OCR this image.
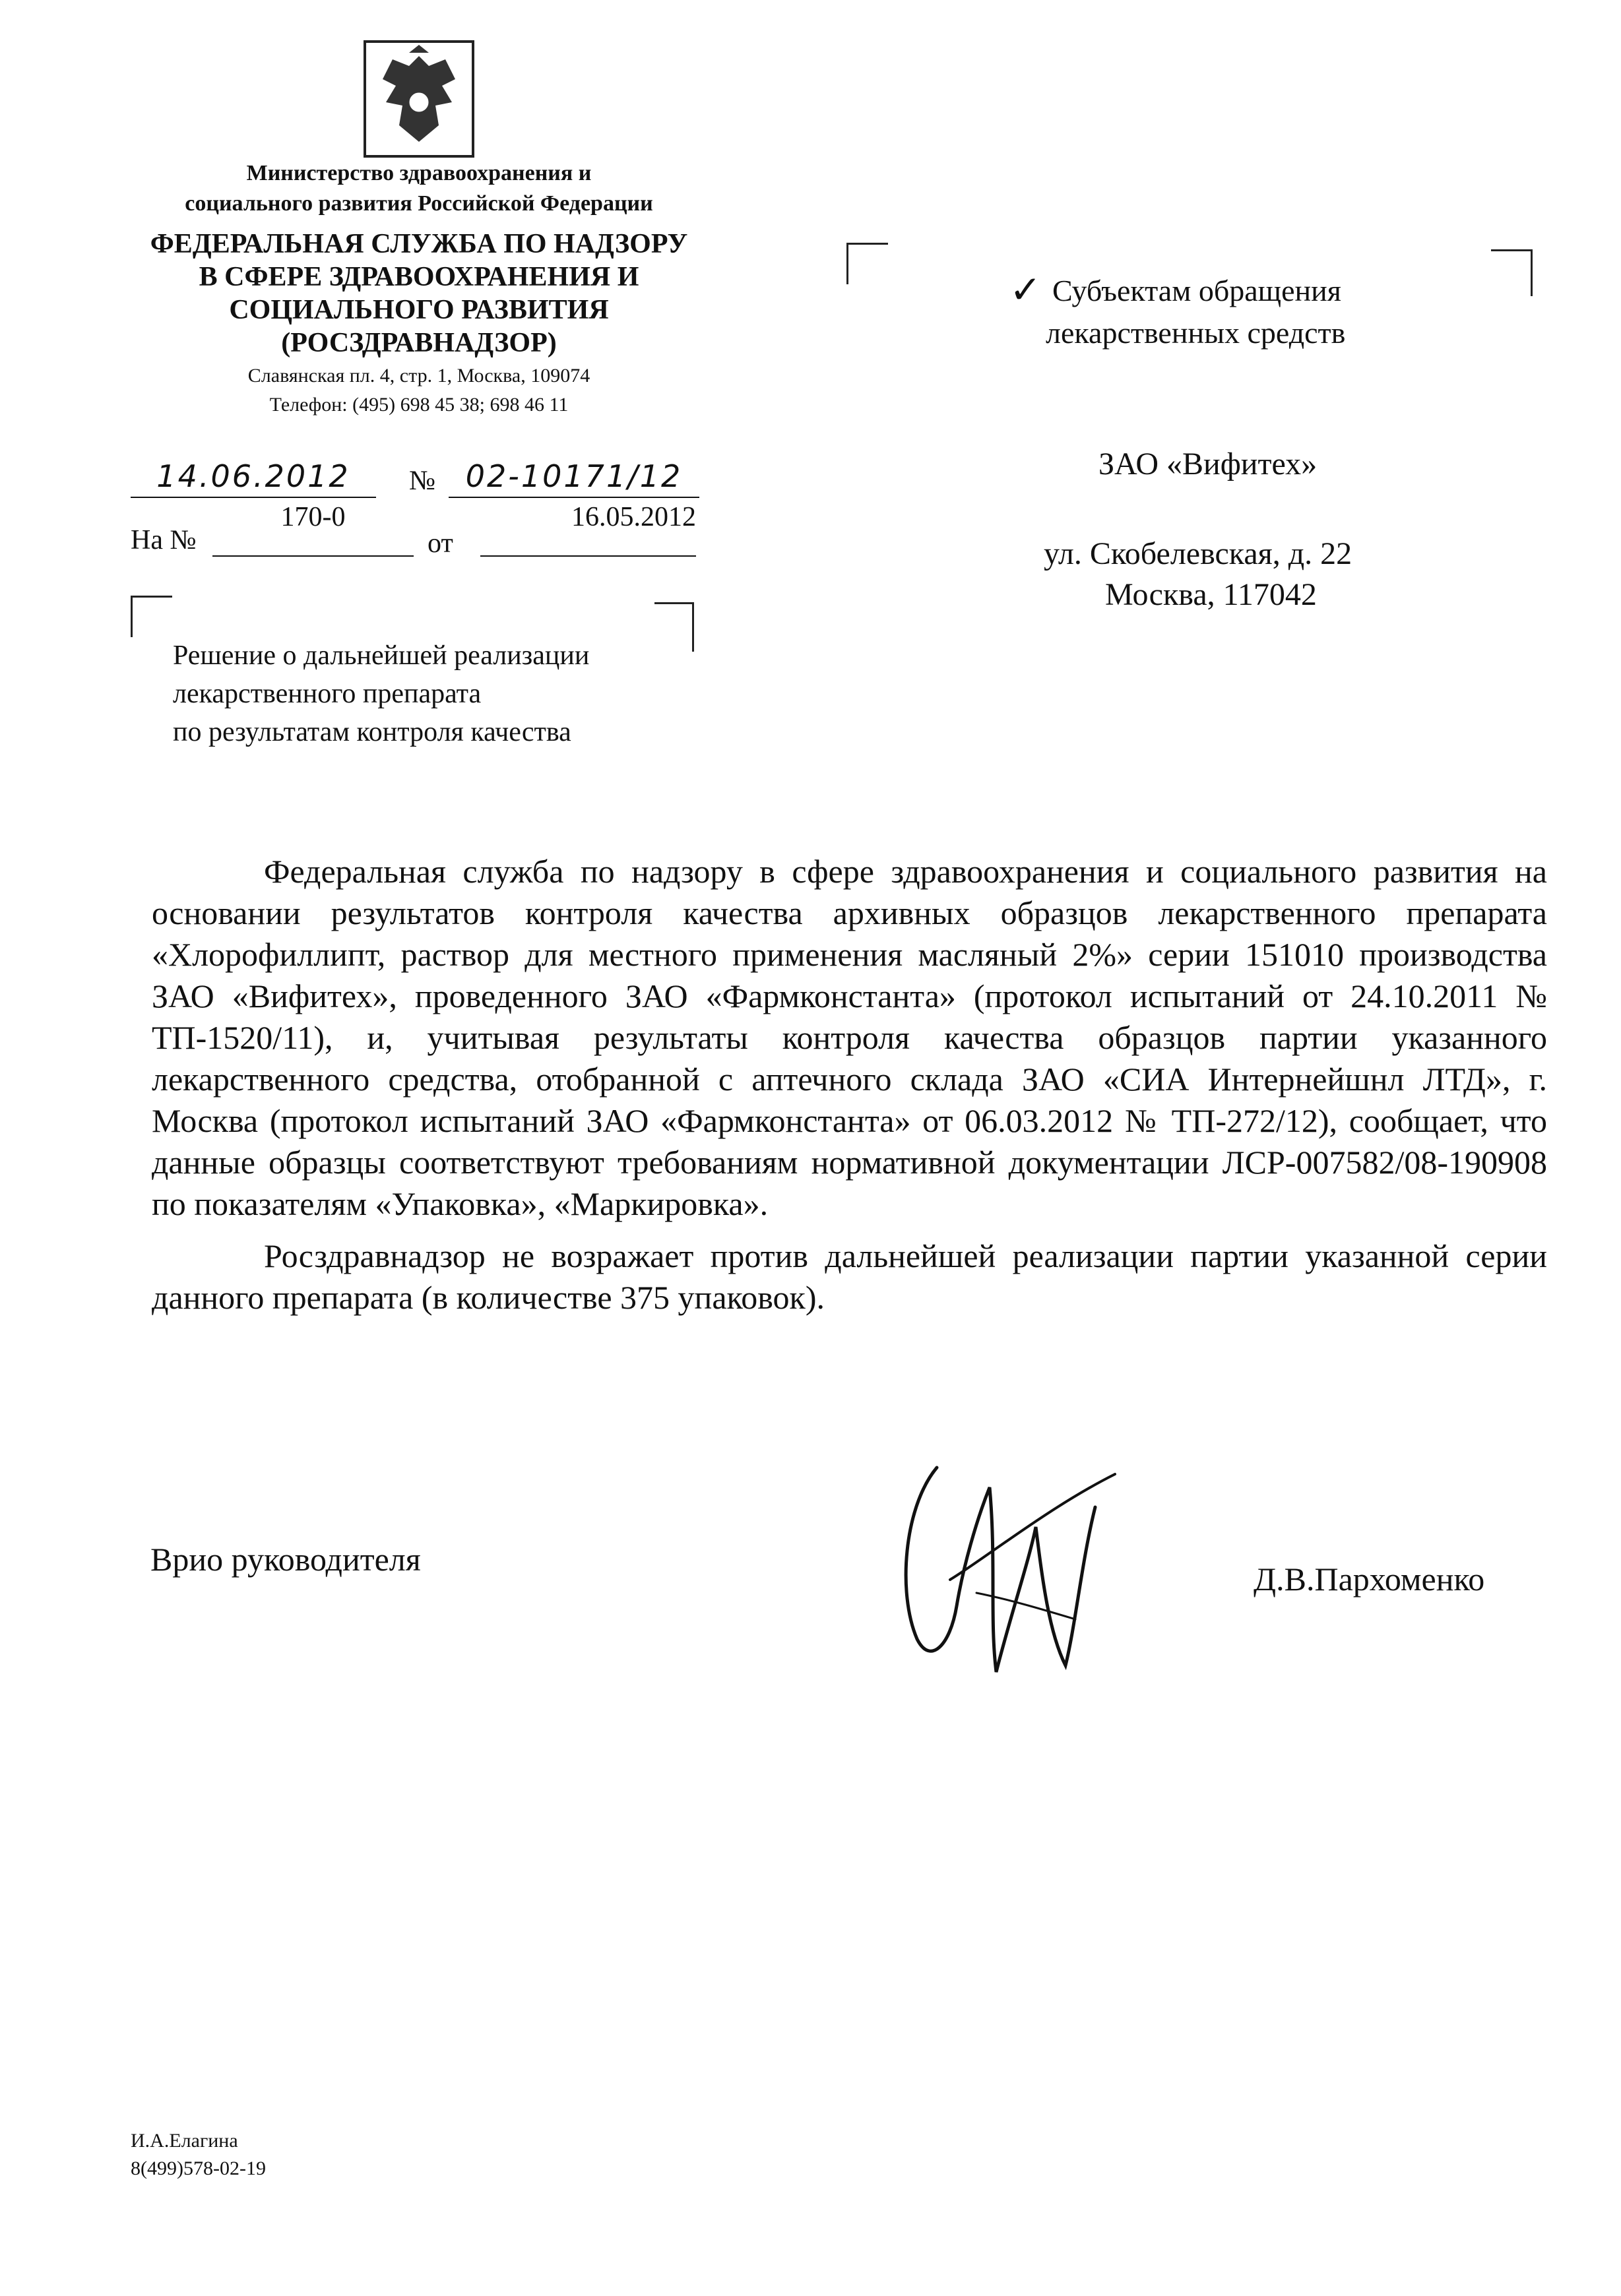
Министерство здравоохранения и
социального развития Российской Федерации
ФЕДЕРАЛЬНАЯ СЛУЖБА ПО НАДЗОРУ
В СФЕРЕ ЗДРАВООХРАНЕНИЯ И
СОЦИАЛЬНОГО РАЗВИТИЯ
(РОСЗДРАВНАДЗОР)
Славянская пл. 4, стр. 1, Москва, 109074
Телефон: (495) 698 45 38; 698 46 11
14.06.2012	№ 02-10171/12
На №
170-0
от
16.05.2012
✓ Субъектам обращения
лекарственных средств
ЗАО «Вифитех»
ул. Скобелевская, д. 22
Москва, 117042
Решение о дальнейшей реализации
лекарственного препарата
по результатам контроля качества

Федеральная служба по надзору в сфере здравоохранения и социального развития на основании результатов контроля качества архивных образцов лекарственного препарата «Хлорофиллипт, раствор для местного применения масляный 2%» серии 151010 производства ЗАО «Вифитех», проведенного ЗАО «Фармконстанта» (протокол испытаний от 24.10.2011 № ТП-1520/11), и, учитывая результаты контроля качества образцов партии указанного лекарственного средства, отобранной с аптечного склада ЗАО «СИА Интернейшнл ЛТД», г. Москва (протокол испытаний ЗАО «Фармконстанта» от 06.03.2012 № ТП-272/12), сообщает, что данные образцы соответствуют требованиям нормативной документации ЛСР-007582/08-190908 по показателям «Упаковка», «Маркировка».

Росздравнадзор не возражает против дальнейшей реализации партии указанной серии данного препарата (в количестве 375 упаковок).

Врио руководителя
Д.В.Пархоменко
И.А.Елагина
8(499)578-02-19
